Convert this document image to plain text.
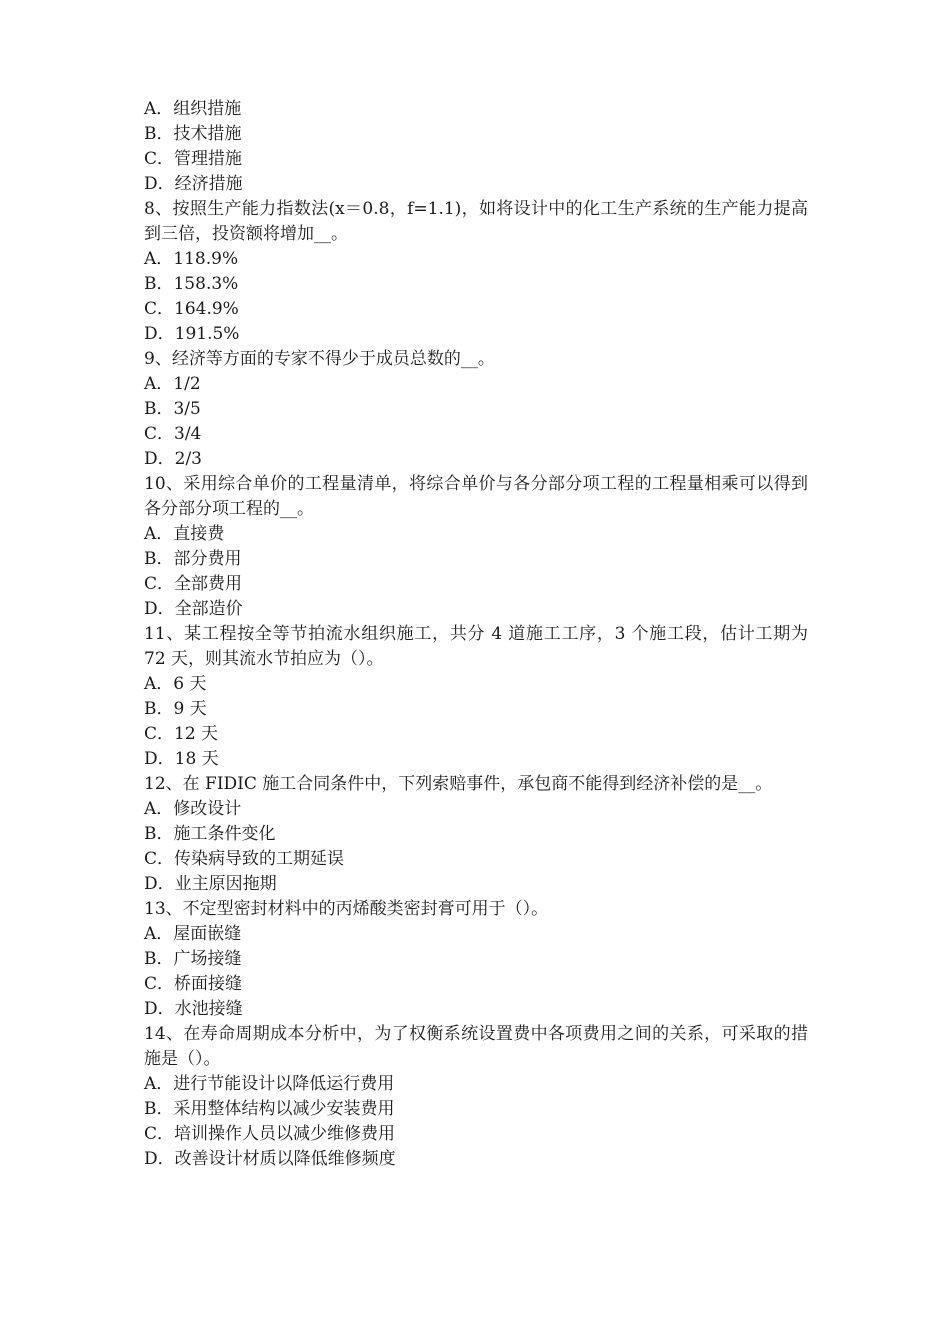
A．组织措施
B．技术措施
C．管理措施
D．经济措施
8、按照生产能力指数法(x＝0.8，f=1.1)，如将设计中的化工生产系统的生产能力提高到三倍，投资额将增加__。
A．118.9%
B．158.3%
C．164.9%
D．191.5%
9、经济等方面的专家不得少于成员总数的__。
A．1/2
B．3/5
C．3/4
D．2/3
10、采用综合单价的工程量清单，将综合单价与各分部分项工程的工程量相乘可以得到各分部分项工程的__。
A．直接费
B．部分费用
C．全部费用
D．全部造价
11、某工程按全等节拍流水组织施工，共分 4 道施工工序，3 个施工段，估计工期为 72 天，则其流水节拍应为（）。
A．6 天
B．9 天
C．12 天
D．18 天
12、在 FIDIC 施工合同条件中，下列索赔事件，承包商不能得到经济补偿的是__。
A．修改设计
B．施工条件变化
C．传染病导致的工期延误
D．业主原因拖期
13、不定型密封材料中的丙烯酸类密封膏可用于（）。
A．屋面嵌缝
B．广场接缝
C．桥面接缝
D．水池接缝
14、在寿命周期成本分析中，为了权衡系统设置费中各项费用之间的关系，可采取的措施是（）。
A．进行节能设计以降低运行费用
B．采用整体结构以减少安装费用
C．培训操作人员以减少维修费用
D．改善设计材质以降低维修频度
